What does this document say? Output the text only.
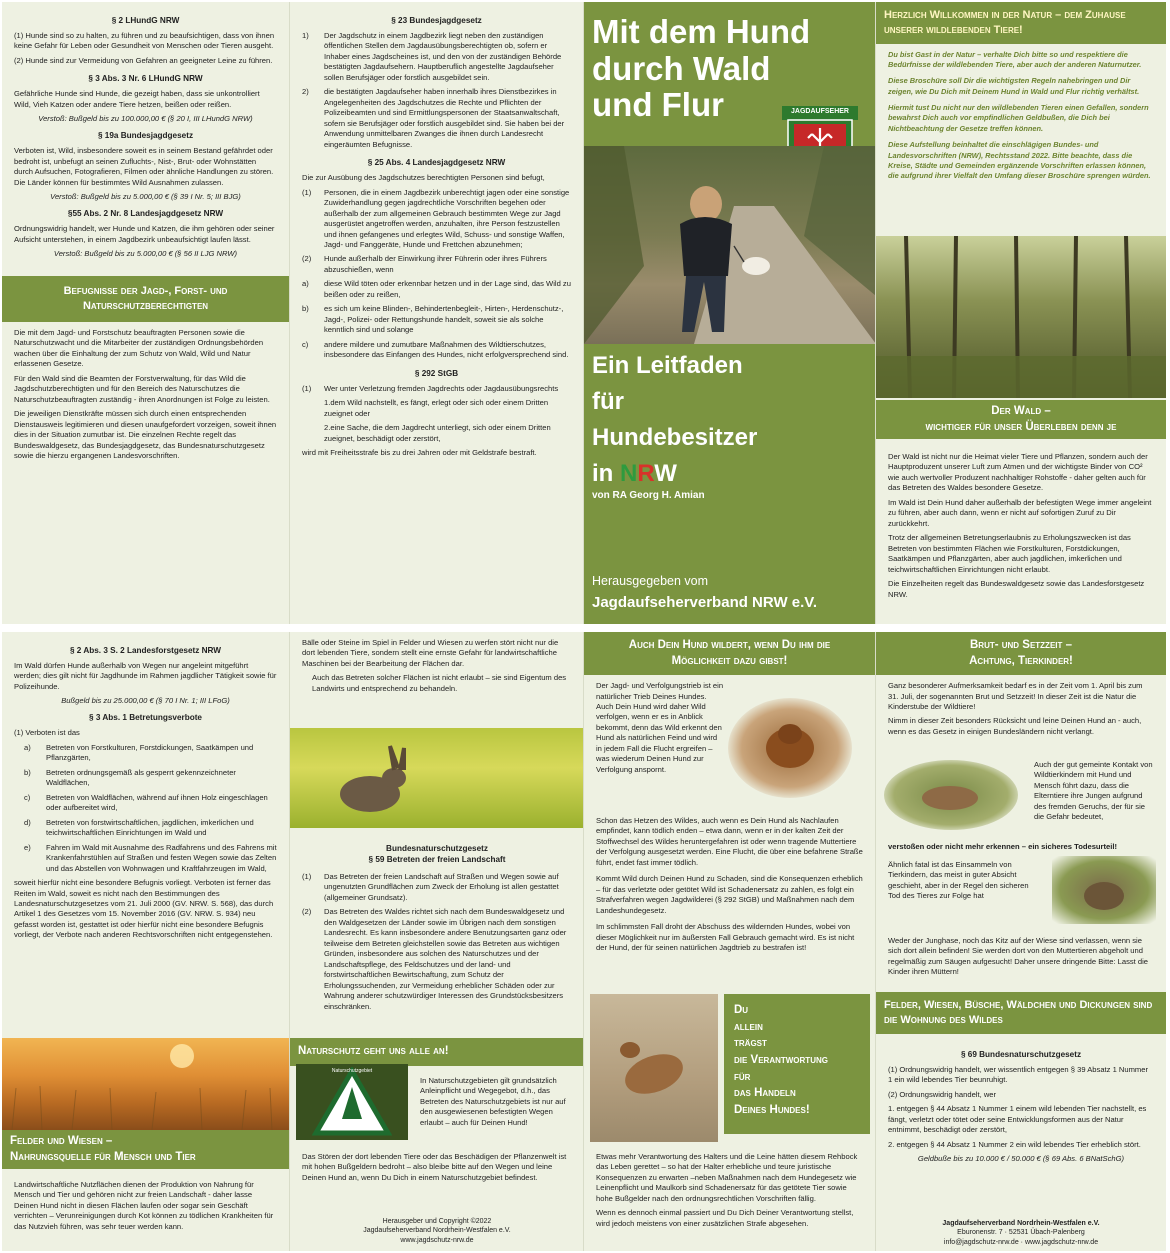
§ 2 LHundG NRW

(1) Hunde sind so zu halten, zu führen und zu beaufsichtigen, dass von ihnen keine Gefahr für Leben oder Gesundheit von Menschen oder Tieren ausgeht.

(2) Hunde sind zur Vermeidung von Gefahren an geeigneter Leine zu führen.

§ 3 Abs. 3 Nr. 6 LHundG NRW

Gefährliche Hunde sind Hunde, die gezeigt haben, dass sie unkontrolliert Wild, Vieh Katzen oder andere Tiere hetzen, beißen oder reißen.

Verstoß: Bußgeld bis zu 100.000,00 € (§ 20 I, III LHundG NRW)
§ 19a Bundesjagdgesetz

Verboten ist, Wild, insbesondere soweit es in seinem Bestand gefährdet oder bedroht ist, unbefugt an seinen Zufluchts-, Nist-, Brut- oder Wohnstätten durch Aufsuchen, Fotografieren, Filmen oder ähnliche Handlungen zu stören. Die Länder können für bestimmtes Wild Ausnahmen zulassen.

Verstoß: Bußgeld bis zu 5.000,00 € (§ 39 I Nr. 5; III BJG)
§55 Abs. 2 Nr. 8 Landesjagdgesetz NRW

Ordnungswidrig handelt, wer Hunde und Katzen, die ihm gehören oder seiner Aufsicht unterstehen, in einem Jagdbezirk unbeaufsichtigt laufen lässt.

Verstoß: Bußgeld bis zu 5.000,00 € (§ 56 II LJG NRW)
Befugnisse der Jagd-, Forst- und Naturschutzberechtigten

Die mit dem Jagd- und Forstschutz beauftragten Personen sowie die Naturschutzwacht und die Mitarbeiter der zuständigen Ordnungsbehörden wachen über die Einhaltung der zum Schutz von Wald, Wild und Natur erlassenen Gesetze.

Für den Wald sind die Beamten der Forstverwaltung, für das Wild die Jagdschutzberechtigten und für den Bereich des Naturschutzes die Naturschutzbeauftragten zuständig - ihren Anordnungen ist Folge zu leisten.

Die jeweiligen Dienstkräfte müssen sich durch einen entsprechenden Dienstausweis legitimieren und diesen unaufgefordert vorzeigen, soweit ihnen dies in der Situation zumutbar ist. Die einzelnen Rechte regelt das Bundeswaldgesetz, das Bundesjagdgesetz, das Bundesnaturschutzgesetz sowie die hierzu ergangenen Landesvorschriften.

§ 23 Bundesjagdgesetz
1)	Der Jagdschutz in einem Jagdbezirk liegt neben den zuständigen öffentlichen Stellen dem Jagdausübungsberechtigten ob, sofern er Inhaber eines Jagdscheines ist, und den von der zuständigen Behörde bestätigten Jagdaufsehern. Hauptberuflich angestellte Jagdaufseher sollen Berufsjäger oder forstlich ausgebildet sein.
2)	die bestätigten Jagdaufseher haben innerhalb ihres Dienstbezirkes in Angelegenheiten des Jagdschutzes die Rechte und Pflichten der Polizeibeamten und sind Ermittlungspersonen der Staatsanwaltschaft, sofern sie Berufsjäger oder forstlich ausgebildet sind. Sie haben bei der Anwendung unmittelbaren Zwanges die ihnen durch Landesrecht eingeräumten Befugnisse.
§ 25 Abs. 4 Landesjagdgesetz NRW

Die zur Ausübung des Jagdschutzes berechtigten Personen sind befugt,

(1)	Personen, die in einem Jagdbezirk unberechtigt jagen oder eine sonstige Zuwiderhandlung gegen jagdrechtliche Vorschriften begehen oder außerhalb der zum allgemeinen Gebrauch bestimmten Wege zur Jagd ausgerüstet angetroffen werden, anzuhalten, ihre Person festzustellen und ihnen gefangenes und erlegtes Wild, Schuss- und sonstige Waffen, Jagd- und Fanggeräte, Hunde und Frettchen abzunehmen;
(2)	Hunde außerhalb der Einwirkung ihrer Führerin oder ihres Führers abzuschießen, wenn
a)	diese Wild töten oder erkennbar hetzen und in der Lage sind, das Wild zu beißen oder zu reißen,
b)	es sich um keine Blinden-, Behindertenbegleit-, Hirten-, Herdenschutz-, Jagd-, Polizei- oder Rettungshunde handelt, soweit sie als solche kenntlich sind und solange
c)	andere mildere und zumutbare Maßnahmen des Wildtierschutzes, insbesondere das Einfangen des Hundes, nicht erfolgversprechend sind.
§ 292 StGB
(1)	Wer unter Verletzung fremden Jagdrechts oder Jagdausübungsrechts

1.dem Wild nachstellt, es fängt, erlegt oder sich oder einem Dritten zueignet oder

2.eine Sache, die dem Jagdrecht unterliegt, sich oder einem Dritten zueignet, beschädigt oder zerstört,

wird mit Freiheitsstrafe bis zu drei Jahren oder mit Geldstrafe bestraft.

Mit dem Hund
durch Wald
und Flur	JAGDAUFSEHER
Ein Leitfaden
für
Hundebesitzer
in NRW
von RA Georg H. Amian
Herausgegeben vom
Jagdaufseherverband NRW e.V.
Herzlich Willkommen in der Natur – dem Zuhause unserer wildlebenden Tiere!

Du bist Gast in der Natur – verhalte Dich bitte so und respektiere die Bedürfnisse der wildlebenden Tiere, aber auch der anderen Naturnutzer.

Diese Broschüre soll Dir die wichtigsten Regeln nahebringen und Dir zeigen, wie Du Dich mit Deinem Hund in Wald und Flur richtig verhältst.

Hiermit tust Du nicht nur den wildlebenden Tieren einen Gefallen, sondern bewahrst Dich auch vor empfindlichen Geldbußen, die Dich bei Nichtbeachtung der Gesetze treffen können.

Diese Aufstellung beinhaltet die einschlägigen Bundes- und Landesvorschriften (NRW), Rechtsstand 2022. Bitte beachte, dass die Kreise, Städte und Gemeinden ergänzende Vorschriften erlassen können, die aufgrund ihrer Vielfalt den Umfang dieser Broschüre sprengen würden.

Der Wald –
wichtiger für unser Überleben denn je

Der Wald ist nicht nur die Heimat vieler Tiere und Pflanzen, sondern auch der Hauptproduzent unserer Luft zum Atmen und der wichtigste Binder von CO² wie auch wertvoller Produzent nachhaltiger Rohstoffe - daher gelten auch für das Betreten des Waldes besondere Gesetze.

Im Wald ist Dein Hund daher außerhalb der befestigten Wege immer angeleint zu führen, aber auch dann, wenn er nicht auf sofortigen Zuruf zu Dir zurückkehrt.

Trotz der allgemeinen Betretungserlaubnis zu Erholungszwecken ist das Betreten von bestimmten Flächen wie Forstkulturen, Forstdickungen, Saatkämpen und Pflanzgärten, aber auch jagdlichen, imkerlichen und teichwirtschaftlichen Einrichtungen nicht erlaubt.

Die Einzelheiten regelt das Bundeswaldgesetz sowie das Landesforstgesetz NRW.

§ 2 Abs. 3 S. 2 Landesforstgesetz NRW

Im Wald dürfen Hunde außerhalb von Wegen nur angeleint mitgeführt werden; dies gilt nicht für Jagdhunde im Rahmen jagdlicher Tätigkeit sowie für Polizeihunde.

Bußgeld bis zu 25.000,00 € (§ 70 I Nr. 1; III LFoG)
§ 3 Abs. 1 Betretungsverbote

(1) Verboten ist das

a)	Betreten von Forstkulturen, Forstdickungen, Saatkämpen und Pflanzgärten,
b)	Betreten ordnungsgemäß als gesperrt gekennzeichneter Waldflächen,
c)	Betreten von Waldflächen, während auf ihnen Holz eingeschlagen oder aufbereitet wird,
d)	Betreten von forstwirtschaftlichen, jagdlichen, imkerlichen und teichwirtschaftlichen Einrichtungen im Wald und
e)	Fahren im Wald mit Ausnahme des Radfahrens und des Fahrens mit Krankenfahrstühlen auf Straßen und festen Wegen sowie das Zelten und das Abstellen von Wohnwagen und Kraftfahrzeugen im Wald,

soweit hierfür nicht eine besondere Befugnis vorliegt. Verboten ist ferner das Reiten im Wald, soweit es nicht nach den Bestimmungen des Landesnaturschutzgesetzes vom 21. Juli 2000 (GV. NRW. S. 568), das durch Artikel 1 des Gesetzes vom 15. November 2016 (GV. NRW. S. 934) neu gefasst worden ist, gestattet ist oder hierfür nicht eine besondere Befugnis vorliegt, der Verbote nach anderen Rechtsvorschriften nicht entgegenstehen.

Felder und Wiesen –
Nahrungsquelle für Mensch und Tier

Landwirtschaftliche Nutzflächen dienen der Produktion von Nahrung für Mensch und Tier und gehören nicht zur freien Landschaft - daher lasse Deinen Hund nicht in diesen Flächen laufen oder sogar sein Geschäft verrichten – Verunreinigungen durch Kot können zu tödlichen Krankheiten für das Nutzvieh führen, was sehr teuer werden kann.

Bälle oder Steine im Spiel in Felder und Wiesen zu werfen stört nicht nur die dort lebenden Tiere, sondern stellt eine ernste Gefahr für landwirtschaftliche Maschinen bei der Bearbeitung der Flächen dar.

Auch das Betreten solcher Flächen ist nicht erlaubt – sie sind Eigentum des Landwirts und entsprechend zu behandeln.

Bundesnaturschutzgesetz
§ 59 Betreten der freien Landschaft
(1)	Das Betreten der freien Landschaft auf Straßen und Wegen sowie auf ungenutzten Grundflächen zum Zweck der Erholung ist allen gestattet (allgemeiner Grundsatz).
(2)	Das Betreten des Waldes richtet sich nach dem Bundeswaldgesetz und den Waldgesetzen der Länder sowie im Übrigen nach dem sonstigen Landesrecht. Es kann insbesondere andere Benutzungsarten ganz oder teilweise dem Betreten gleichstellen sowie das Betreten aus wichtigen Gründen, insbesondere aus solchen des Naturschutzes und der Landschaftspflege, des Feldschutzes und der land- und forstwirtschaftlichen Bewirtschaftung, zum Schutz der Erholungssuchenden, zur Vermeidung erheblicher Schäden oder zur Wahrung anderer schutzwürdiger Interessen des Grundstücksbesitzers einschränken.
Naturschutz geht uns alle an!
Naturschutzgebiet

In Naturschutzgebieten gilt grundsätzlich Anleinpflicht und Wegegebot, d.h., das Betreten des Naturschutzgebiets ist nur auf den ausgewiesenen befestigten Wegen erlaubt – auch für Deinen Hund!

Das Stören der dort lebenden Tiere oder das Beschädigen der Pflanzenwelt ist mit hohen Bußgeldern bedroht – also bleibe bitte auf den Wegen und leine Deinen Hund an, wenn Du Dich in einem Naturschutzgebiet befindest.

Herausgeber und Copyright ©2022
Jagdaufseherverband Nordrhein-Westfalen e.V.
www.jagdschutz-nrw.de
Auch Dein Hund wildert, wenn Du ihm die
Möglichkeit dazu gibst!

Der Jagd- und Verfolgungstrieb ist ein natürlicher Trieb Deines Hundes. Auch Dein Hund wird daher Wild verfolgen, wenn er es in Anblick bekommt, denn das Wild erkennt den Hund als natürlichen Feind und wird in jedem Fall die Flucht ergreifen – was wiederum Deinen Hund zur Verfolgung anspornt.

Schon das Hetzen des Wildes, auch wenn es Dein Hund als Nachlaufen empfindet, kann tödlich enden – etwa dann, wenn er in der kalten Zeit der Stoffwechsel des Wildes heruntergefahren ist oder wenn tragende Muttertiere der Verfolgung ausgesetzt werden. Eine Flucht, die über eine befahrene Straße führt, endet fast immer tödlich.

Kommt Wild durch Deinen Hund zu Schaden, sind die Konsequenzen erheblich – für das verletzte oder getötet Wild ist Schadenersatz zu zahlen, es folgt ein Strafverfahren wegen Jagdwilderei (§ 292 StGB) und Maßnahmen nach dem Landeshundegesetz.

Im schlimmsten Fall droht der Abschuss des wildernden Hundes, wobei von dieser Möglichkeit nur im äußersten Fall Gebrauch gemacht wird. Es ist nicht der Hund, der für seinen natürlichen Jagdtrieb zu bestrafen ist!

Du
allein
trägst
die Verantwortung
für
das Handeln
Deines Hundes!

Etwas mehr Verantwortung des Halters und die Leine hätten diesem Rehbock das Leben gerettet – so hat der Halter erhebliche und teure juristische Konsequenzen zu erwarten –neben Maßnahmen nach dem Hundegesetz wie Leinenpflicht und Maulkorb sind Schadenersatz für das getötete Tier sowie hohe Bußgelder nach den ordnungsrechtlichen Vorschriften fällig.

Wenn es dennoch einmal passiert und Du Dich Deiner Verantwortung stellst, wird jedoch meistens von einer zusätzlichen Strafe abgesehen.

Brut- und Setzzeit –
Achtung, Tierkinder!

Ganz besonderer Aufmerksamkeit bedarf es in der Zeit vom 1. April bis zum 31. Juli, der sogenannten Brut und Setzzeit! In dieser Zeit ist die Natur die Kinderstube der Wildtiere!

Nimm in dieser Zeit besonders Rücksicht und leine Deinen Hund an - auch, wenn es das Gesetz in einigen Bundesländern nicht verlangt.

Auch der gut gemeinte Kontakt von Wildtierkindern mit Hund und Mensch führt dazu, dass die Elterntiere ihre Jungen aufgrund des fremden Geruchs, der für sie die Gefahr bedeutet,

verstoßen oder nicht mehr erkennen – ein sicheres Todesurteil!

Ähnlich fatal ist das Einsammeln von Tierkindern, das meist in guter Absicht geschieht, aber in der Regel den sicheren Tod des Tieres zur Folge hat

Weder der Junghase, noch das Kitz auf der Wiese sind verlassen, wenn sie sich dort allein befinden! Sie werden dort von den Muttertieren abgeholt und regelmäßig zum Säugen aufgesucht! Daher unsere dringende Bitte: Lasst die Kinder ihren Müttern!

Felder, Wiesen, Büsche, Wäldchen und Dickungen sind die Wohnung des Wildes
§ 69 Bundesnaturschutzgesetz

(1) Ordnungswidrig handelt, wer wissentlich entgegen § 39 Absatz 1 Nummer 1 ein wild lebendes Tier beunruhigt.

(2) Ordnungswidrig handelt, wer

1. entgegen § 44 Absatz 1 Nummer 1 einem wild lebenden Tier nachstellt, es fängt, verletzt oder tötet oder seine Entwicklungsformen aus der Natur entnimmt, beschädigt oder zerstört,

2. entgegen § 44 Absatz 1 Nummer 2 ein wild lebendes Tier erheblich stört.

Geldbuße bis zu 10.000 € / 50.000 € (§ 69 Abs. 6 BNatSchG)
Jagdaufseherverband Nordrhein-Westfalen e.V.
Eburonenstr. 7 · 52531 Übach-Palenberg
info@jagdschutz-nrw.de · www.jagdschutz-nrw.de
